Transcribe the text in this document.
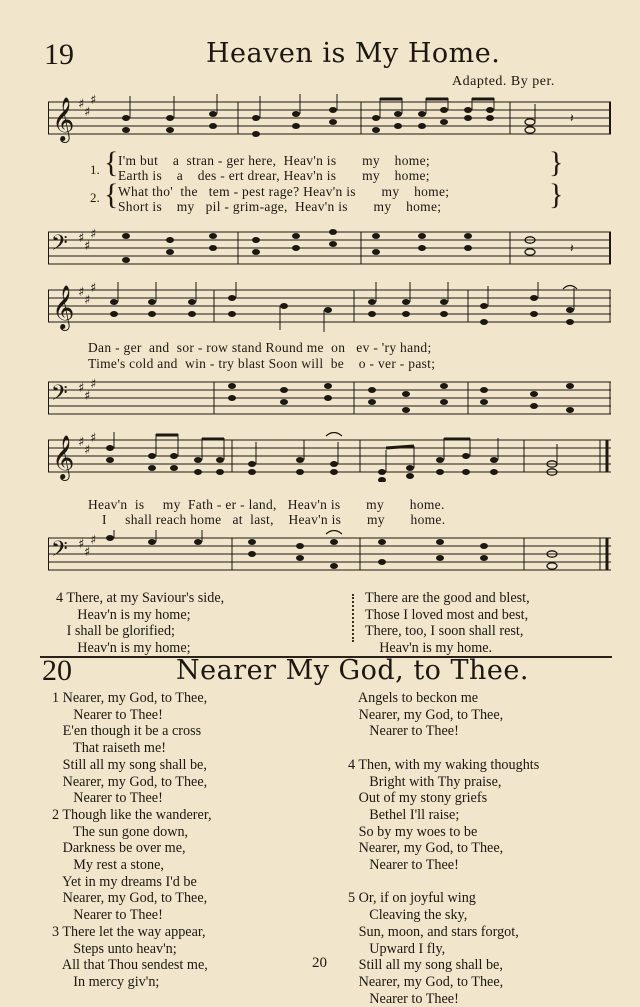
19	Heaven is My Home.
Adapted. By per.
𝄞 ♯
♯
♯
𝄽
1.
2.
{
{
}
}
I'm but    a  stran - ger here,  Heav'n is       my    home;
Earth is    a    des - ert drear, Heav'n is       my    home;
What tho'  the   tem - pest rage? Heav'n is       my    home;
Short is    my   pil - grim-age,  Heav'n is       my    home;
𝄢 ♯
♯
♯
𝄽
𝄞 ♯
♯
♯
Dan - ger  and  sor - row stand Round me  on   ev - 'ry hand;
Time's cold and  win - try blast Soon will  be    o - ver - past;
𝄢 ♯
♯
♯
𝄞 ♯
♯
♯
Heav'n  is     my  Fath - er - land,   Heav'n is       my       home.
I     shall reach home   at  last,    Heav'n is       my       home.
𝄢 ♯
♯
♯
4 There, at my Saviour's side,
Heav'n is my home;
I shall be glorified;
Heav'n is my home;
There are the good and blest,
Those I loved most and best,
There, too, I soon shall rest,
Heav'n is my home.
20	Nearer My God, to Thee.
1 Nearer, my God, to Thee,
Nearer to Thee!
E'en though it be a cross
That raiseth me!
Still all my song shall be,
Nearer, my God, to Thee,
Nearer to Thee!
2 Though like the wanderer,
The sun gone down,
Darkness be over me,
My rest a stone,
Yet in my dreams I'd be
Nearer, my God, to Thee,
Nearer to Thee!
3 There let the way appear,
Steps unto heav'n;
All that Thou sendest me,
In mercy giv'n;
Angels to beckon me
Nearer, my God, to Thee,
Nearer to Thee!

4 Then, with my waking thoughts
Bright with Thy praise,
Out of my stony griefs
Bethel I'll raise;
So by my woes to be
Nearer, my God, to Thee,
Nearer to Thee!

5 Or, if on joyful wing
Cleaving the sky,
Sun, moon, and stars forgot,
Upward I fly,
Still all my song shall be,
Nearer, my God, to Thee,
Nearer to Thee!
20
